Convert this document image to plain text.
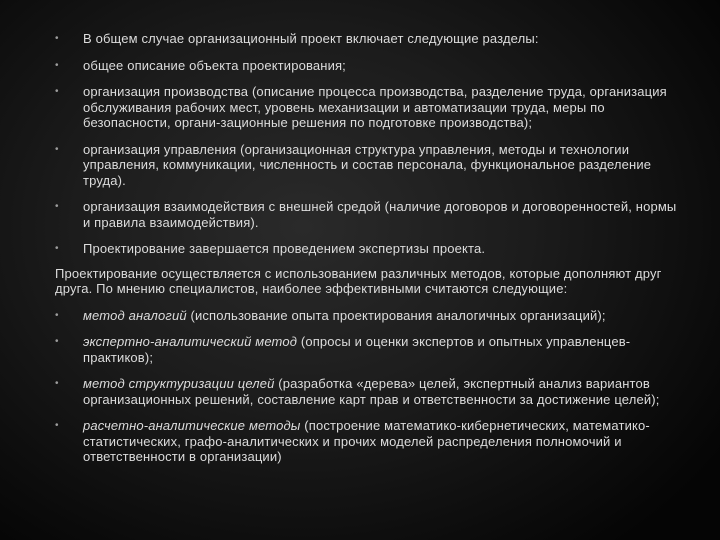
• В общем случае организационный проект включает следующие разделы:
• общее описание объекта проектирования;
• организация производства (описание процесса производства, разделение труда, организация обслуживания рабочих мест, уровень механизации и автоматизации труда, меры по безопасности, органи-зационные решения по подготовке производства);
• организация управления (организационная структура управления, методы и технологии управления, коммуникации, численность и состав персонала, функциональное разделение труда).
• организация взаимодействия с внешней средой (наличие договоров и договоренностей, нормы и правила взаимодействия).
• Проектирование завершается проведением экспертизы проекта.

Проектирование осуществляется с использованием различных методов, которые дополняют друг друга. По мнению специалистов, наиболее эффективными считаются следующие:

• метод аналогий (использование опыта проектирования аналогичных организаций);
• экспертно-аналитический метод (опросы и оценки экспертов и опытных управленцев-практиков);
• метод структуризации целей (разработка «дерева» целей, экспертный анализ вариантов организационных решений, составление карт прав и ответственности за достижение целей);
• расчетно-аналитические методы (построение математико-кибернетических, математико-статистических, графо-аналитических и прочих моделей распределения полномочий и ответственности в организации)
